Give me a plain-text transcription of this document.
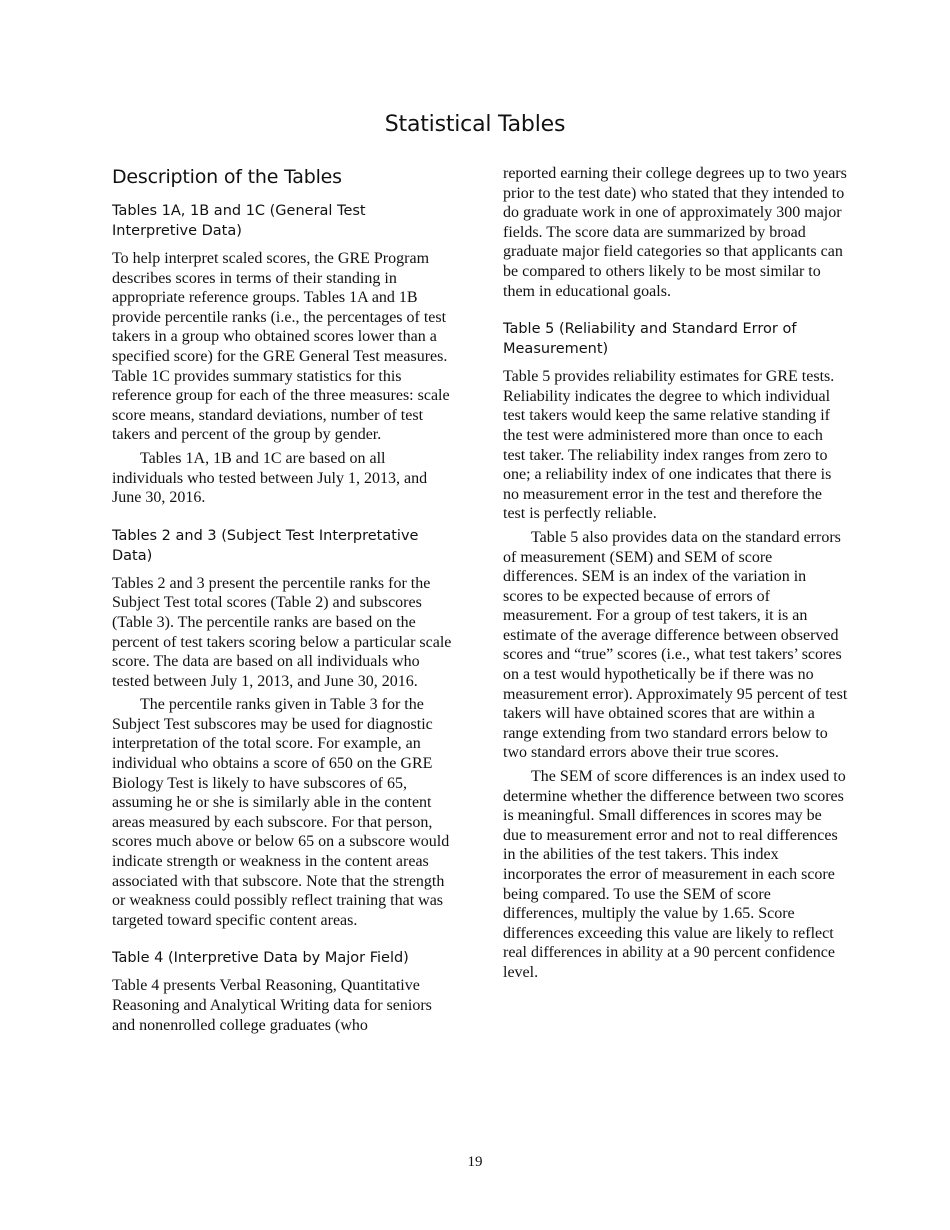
Statistical Tables
Description of the Tables
Tables 1A, 1B and 1C (General Test Interpretive Data)

To help interpret scaled scores, the GRE Program describes scores in terms of their standing in appropriate reference groups. Tables 1A and 1B provide percentile ranks (i.e., the percentages of test takers in a group who obtained scores lower than a specified score) for the GRE General Test measures. Table 1C provides summary statistics for this reference group for each of the three measures: scale score means, standard deviations, number of test takers and percent of the group by gender.

Tables 1A, 1B and 1C are based on all individuals who tested between July 1, 2013, and June 30, 2016.

Tables 2 and 3 (Subject Test Interpretative Data)

Tables 2 and 3 present the percentile ranks for the Subject Test total scores (Table 2) and subscores (Table 3). The percentile ranks are based on the percent of test takers scoring below a particular scale score. The data are based on all individuals who tested between July 1, 2013, and June 30, 2016.

The percentile ranks given in Table 3 for the Subject Test subscores may be used for diagnostic interpretation of the total score. For example, an individual who obtains a score of 650 on the GRE Biology Test is likely to have subscores of 65, assuming he or she is similarly able in the content areas measured by each subscore. For that person, scores much above or below 65 on a subscore would indicate strength or weakness in the content areas associated with that subscore. Note that the strength or weakness could possibly reflect training that was targeted toward specific content areas.

Table 4 (Interpretive Data by Major Field)

Table 4 presents Verbal Reasoning, Quantitative Reasoning and Analytical Writing data for seniors and nonenrolled college graduates (who

reported earning their college degrees up to two years prior to the test date) who stated that they intended to do graduate work in one of approximately 300 major fields. The score data are summarized by broad graduate major field categories so that applicants can be compared to others likely to be most similar to them in educational goals.

Table 5 (Reliability and Standard Error of Measurement)

Table 5 provides reliability estimates for GRE tests. Reliability indicates the degree to which individual test takers would keep the same relative standing if the test were administered more than once to each test taker. The reliability index ranges from zero to one; a reliability index of one indicates that there is no measurement error in the test and therefore the test is perfectly reliable.

Table 5 also provides data on the standard errors of measurement (SEM) and SEM of score differences. SEM is an index of the variation in scores to be expected because of errors of measurement. For a group of test takers, it is an estimate of the average difference between observed scores and “true” scores (i.e., what test takers’ scores on a test would hypothetically be if there was no measurement error). Approximately 95 percent of test takers will have obtained scores that are within a range extending from two standard errors below to two standard errors above their true scores.

The SEM of score differences is an index used to determine whether the difference between two scores is meaningful. Small differences in scores may be due to measurement error and not to real differences in the abilities of the test takers. This index incorporates the error of measurement in each score being compared. To use the SEM of score differences, multiply the value by 1.65. Score differences exceeding this value are likely to reflect real differences in ability at a 90 percent confidence level.

19
